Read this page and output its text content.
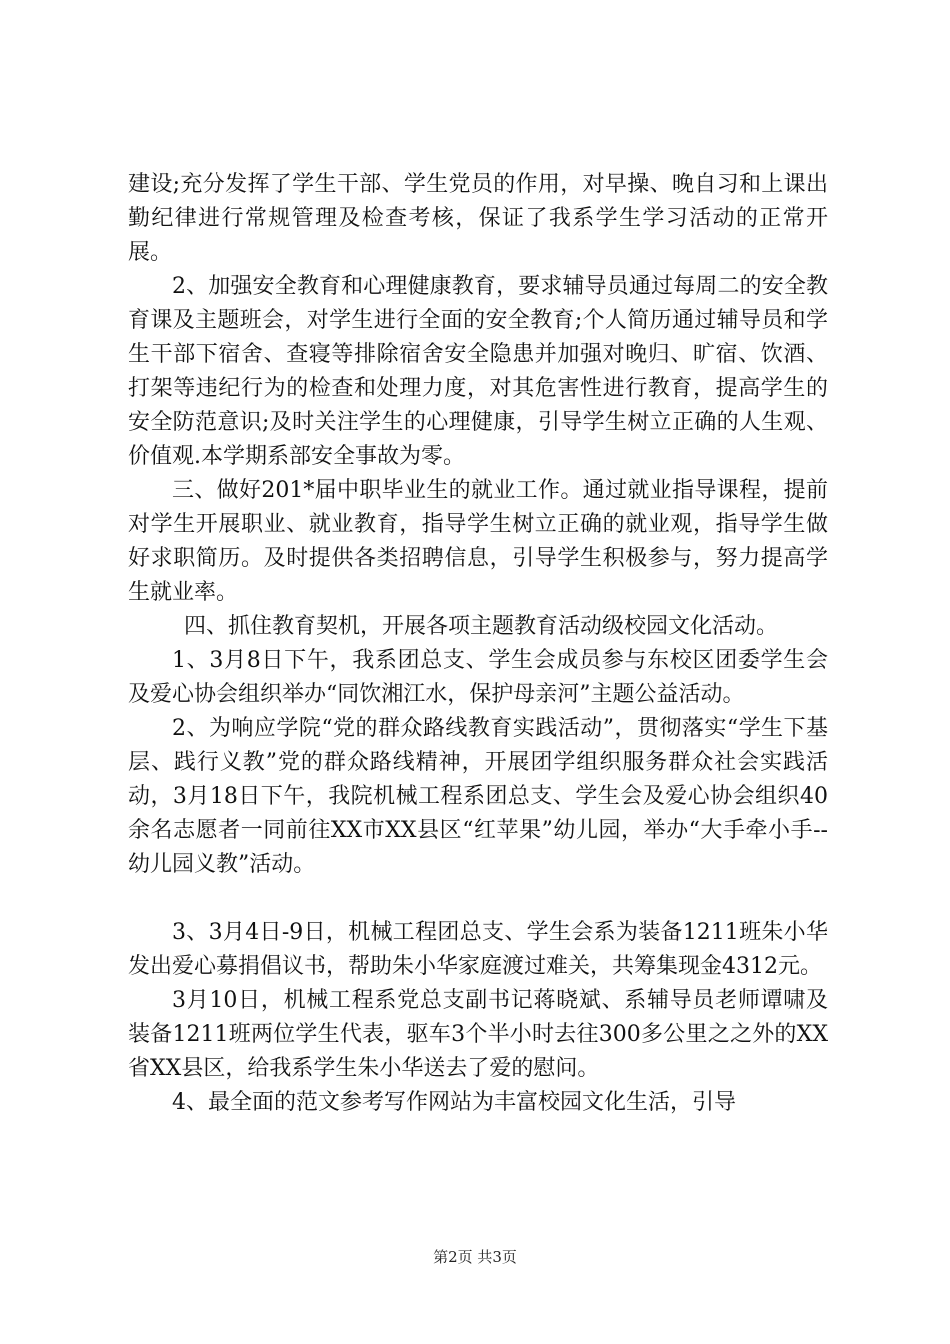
建设;充分发挥了学生干部、学生党员的作用，对早操、晚自习和上课出勤纪律进行常规管理及检查考核，保证了我系学生学习活动的正常开展。

2、加强安全教育和心理健康教育，要求辅导员通过每周二的安全教育课及主题班会，对学生进行全面的安全教育;个人简历通过辅导员和学生干部下宿舍、查寝等排除宿舍安全隐患并加强对晚归、旷宿、饮酒、打架等违纪行为的检查和处理力度，对其危害性进行教育，提高学生的安全防范意识;及时关注学生的心理健康，引导学生树立正确的人生观、价值观.本学期系部安全事故为零。

三、做好201*届中职毕业生的就业工作。通过就业指导课程，提前对学生开展职业、就业教育，指导学生树立正确的就业观，指导学生做好求职简历。及时提供各类招聘信息，引导学生积极参与，努力提高学生就业率。

四、抓住教育契机，开展各项主题教育活动级校园文化活动。

1、3月8日下午，我系团总支、学生会成员参与东校区团委学生会及爱心协会组织举办“同饮湘江水，保护母亲河”主题公益活动。

2、为响应学院“党的群众路线教育实践活动”，贯彻落实“学生下基层、践行义教”党的群众路线精神，开展团学组织服务群众社会实践活动，3月18日下午，我院机械工程系团总支、学生会及爱心协会组织40余名志愿者一同前往XX市XX县区“红苹果”幼儿园，举办“大手牵小手--幼儿园义教”活动。

3、3月4日-9日，机械工程团总支、学生会系为装备1211班朱小华发出爱心募捐倡议书，帮助朱小华家庭渡过难关，共筹集现金4312元。

3月10日，机械工程系党总支副书记蒋晓斌、系辅导员老师谭啸及装备1211班两位学生代表，驱车3个半小时去往300多公里之之外的XX省XX县区，给我系学生朱小华送去了爱的慰问。

4、最全面的范文参考写作网站为丰富校园文化生活，引导

第2页 共3页
